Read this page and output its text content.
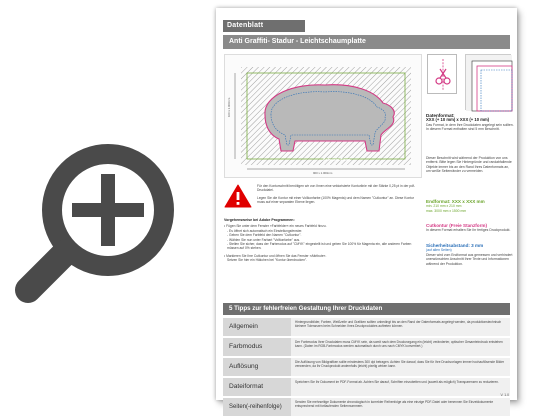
Datenblatt
Anti Graffiti- Stadur - Leichtschaumplatte
Schwein-Form
900 x 1.000mm
100 x 1.000mm	Datenformat:
XXX (+ 10 mm) x XXX (+ 10 mm)
Das Format, in dem Ihre Druckdaten angelegt sein sollten. In diesem Format enthalten sind 5 mm Beschnitt.
Dieser Beschnitt wird während der Produktion von uns entfernt. Bitte legen Sie Hintergründe und randabfallende Objekte immer bis an den Rand Ihres Datenformats an, um weiße Seitenränder zu vermeiden.
Endformat: XXX x XXX mm
min. 210 mm x 210 mm
max. 3000 mm x 1500 mm
Cutkontur (Freie Stanzform)
In diesem Format erhalten Sie Ihr fertiges Druckprodukt.
Sicherheitsabstand: 3 mm
(auf allen Seiten)
Dieser wird vom Endformat aus gemessen und verhindert unerwünschten Anschnitt Ihrer Texte und Informationen während der Produktion.

Für den Konturschnitt benötigen wir von Ihnen eine vektorisierte Konturlinie mit der Stärke 0,25 pt in der pdf-Druckdatei.

Legen Sie die Kontur mit einer Vollkonfarbe (100% Magenta) und dem Namen "Cutkontur" an. Diese Kontur muss auf einer separaten Ebene liegen.

Vorgehensweise bei Adobe Programmen:
• Fügen Sie unter dem Fenster »Farbfelder« ein neues Farbfeld hinzu.
- Es öffnet sich automatisch ein Einstellungsfenster.
- Geben Sie dem Farbfeld den Namen "Cutkontur".
- Wählen Sie nun unter Farbart "Volltonfarbe" aus.
- Stellen Sie sicher, dass der Farbmodus auf "CMYK" eingestellt ist und geben Sie 100% für Magenta ein, alle anderen Farben müssen auf 0% stehen.
• Markieren Sie Ihre Cutkontur und öffnen Sie das Fenster »Attribute«.
Setzen Sie hier ein Häkchen bei "Kontur überdrucken".
5 Tipps zur fehlerfreien Gestaltung Ihrer Druckdaten
Allgemein
Hintergrundbilder, Farben, Weißzeile und Grafiken sollten unbedingt bis an den Rand der Datenformats angelegt werden, da produktionstechnisch kleinere Toleranzen beim Schneiden Ihres Druckproduktes auftreten können.
Farbmodus
Der Farbmodus Ihrer Druckdaten muss CMYK sein, da somit nach dem Druckvorgang ein (leicht) veränderter, optischer Gesamteindruck entstehen kann. (Daten im RGB-Farbmodus werden automatisch durch uns nach CMYK konvertiert.)
Auflösung
Die Auflösung von Bildgrafiken sollte mindestens 300 dpi betragen. Achten Sie darauf, dass Sie für Ihre Druckvorlagen immer hochauflösende Bilder verwenden, da Ihr Druckprodukt andernfalls (leicht) pixelig wirken kann.
Dateiformat
Speichern Sie Ihr Dokument im PDF-Format ab. Achten Sie darauf, Schriften einzubetten und (soweit als möglich) Transparenzen zu reduzieren.
Seiten(-reihenfolge)
Senden Sie mehrseitige Dokumente chronologisch in korrekter Reihenfolge als eine einzige PDF-Datei oder benennen Sie Einzeldokumente entsprechend mit fortlaufenden Seitennummern.
V. 1.0
